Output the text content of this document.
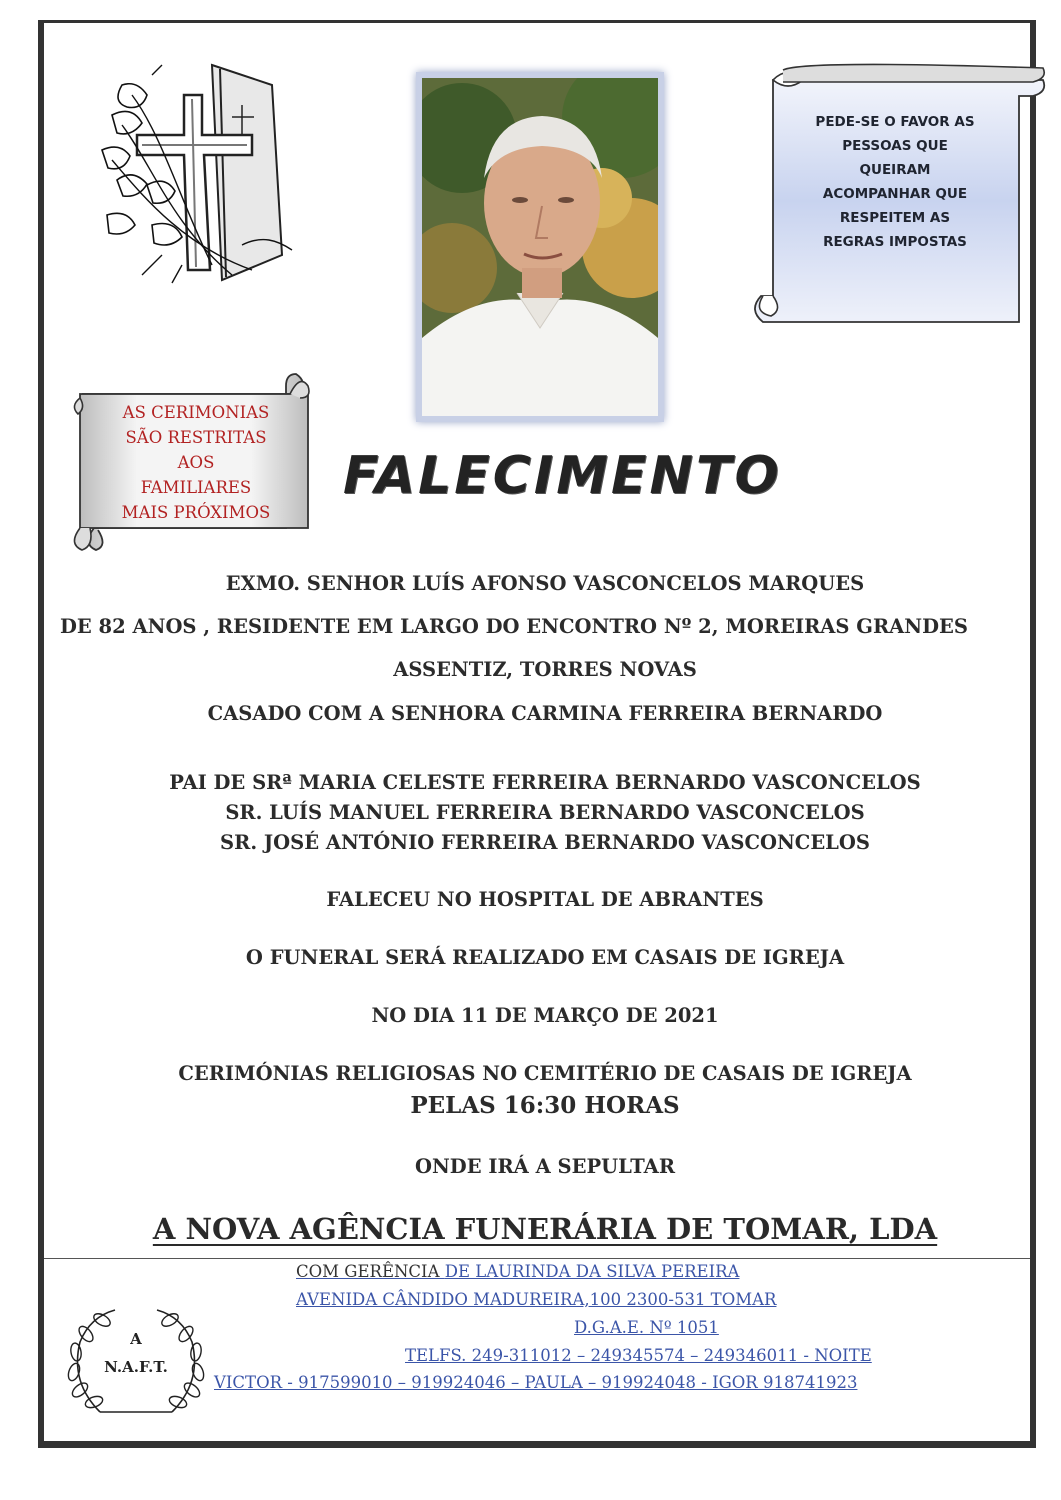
PEDE-SE O FAVOR AS
PESSOAS QUE
QUEIRAM
ACOMPANHAR QUE
RESPEITEM AS
REGRAS IMPOSTAS
AS CERIMONIAS
SÃO RESTRITAS
AOS
FAMILIARES
MAIS PRÓXIMOS
FALECIMENTO
EXMO. SENHOR LUÍS AFONSO VASCONCELOS MARQUES
DE 82 ANOS , RESIDENTE EM LARGO DO ENCONTRO Nº 2, MOREIRAS GRANDES
ASSENTIZ, TORRES NOVAS
CASADO COM A SENHORA CARMINA FERREIRA BERNARDO
PAI DE SRª MARIA CELESTE FERREIRA BERNARDO VASCONCELOS
SR. LUÍS MANUEL FERREIRA BERNARDO VASCONCELOS
SR. JOSÉ ANTÓNIO FERREIRA BERNARDO VASCONCELOS
FALECEU NO HOSPITAL DE ABRANTES
O FUNERAL SERÁ REALIZADO EM CASAIS DE IGREJA
NO DIA 11 DE MARÇO DE 2021
CERIMÓNIAS RELIGIOSAS NO CEMITÉRIO DE CASAIS DE IGREJA
PELAS 16:30 HORAS
ONDE IRÁ A SEPULTAR
A NOVA AGÊNCIA FUNERÁRIA DE TOMAR, LDA
COM GERÊNCIA DE LAURINDA DA SILVA PEREIRA
AVENIDA CÂNDIDO MADUREIRA,100 2300-531 TOMAR
D.G.A.E. Nº 1051
TELFS. 249-311012 – 249345574 – 249346011 - NOITE
VICTOR - 917599010 – 919924046 – PAULA – 919924048 - IGOR 918741923
A
N.A.F.T.
